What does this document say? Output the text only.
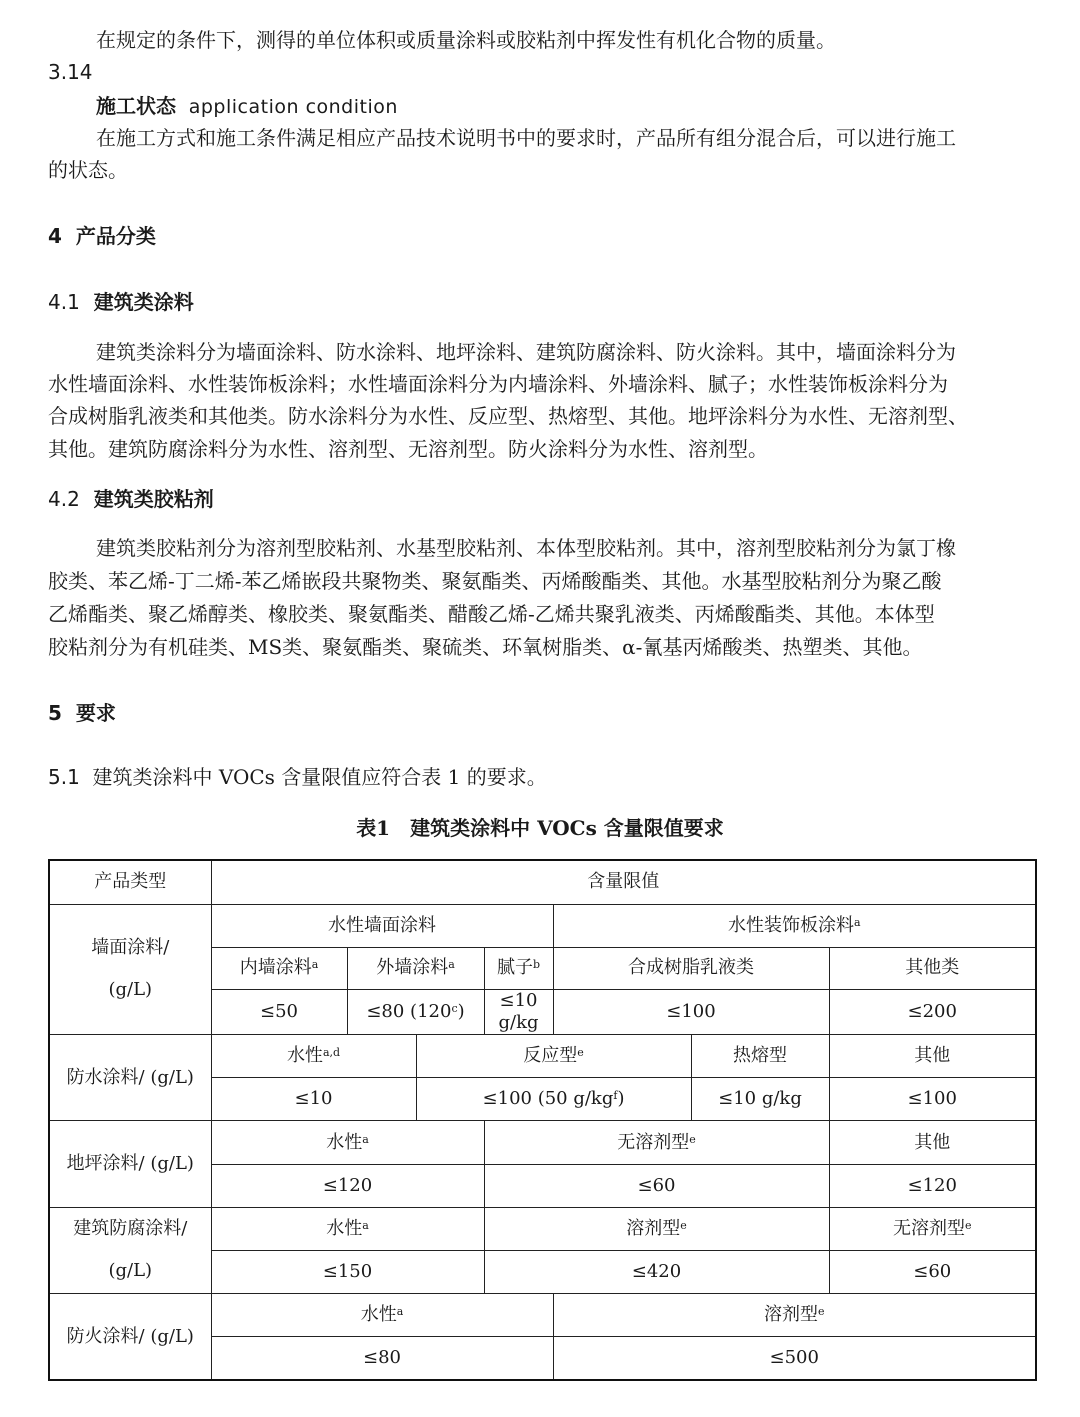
在规定的条件下，测得的单位体积或质量涂料或胶粘剂中挥发性有机化合物的质量。
3.14
施工状态 application condition
在施工方式和施工条件满足相应产品技术说明书中的要求时，产品所有组分混合后，可以进行施工
的状态。
4 产品分类
4.1 建筑类涂料
建筑类涂料分为墙面涂料、防水涂料、地坪涂料、建筑防腐涂料、防火涂料。其中，墙面涂料分为
水性墙面涂料、水性装饰板涂料；水性墙面涂料分为内墙涂料、外墙涂料、腻子；水性装饰板涂料分为
合成树脂乳液类和其他类。防水涂料分为水性、反应型、热熔型、其他。地坪涂料分为水性、无溶剂型、
其他。建筑防腐涂料分为水性、溶剂型、无溶剂型。防火涂料分为水性、溶剂型。
4.2 建筑类胶粘剂
建筑类胶粘剂分为溶剂型胶粘剂、水基型胶粘剂、本体型胶粘剂。其中，溶剂型胶粘剂分为氯丁橡
胶类、苯乙烯-丁二烯-苯乙烯嵌段共聚物类、聚氨酯类、丙烯酸酯类、其他。水基型胶粘剂分为聚乙酸
乙烯酯类、聚乙烯醇类、橡胶类、聚氨酯类、醋酸乙烯-乙烯共聚乳液类、丙烯酸酯类、其他。本体型
胶粘剂分为有机硅类、MS类、聚氨酯类、聚硫类、环氧树脂类、α-氰基丙烯酸类、热塑类、其他。
5 要求
5.1 建筑类涂料中 VOCs 含量限值应符合表 1 的要求。
表1　建筑类涂料中 VOCs 含量限值要求
产品类型	含量限值						

墙面涂料/
(g/L)	水性墙面涂料				水性装饰板涂料$^a$
	内墙涂料$^a$	外墙涂料$^a$		腻子$^b$	合成树脂乳液类		其他类
	≤50	≤80 (120$^c$)		≤10 g/kg	≤100		≤200
防水涂料/ (g/L)	水性$^{a,d}$		反应型$^e$			热熔型	其他
	≤10		≤100 (50 g/kg$^f$)			≤10 g/kg	≤100
地坪涂料/ (g/L)	水性$^a$			无溶剂型$^e$			其他
	≤120			≤60			≤120

建筑防腐涂料/
(g/L)	水性$^a$			溶剂型$^e$			无溶剂型$^e$
	≤150			≤420			≤60
防火涂料/ (g/L)	水性$^a$				溶剂型$^e$
	≤80				≤500		
